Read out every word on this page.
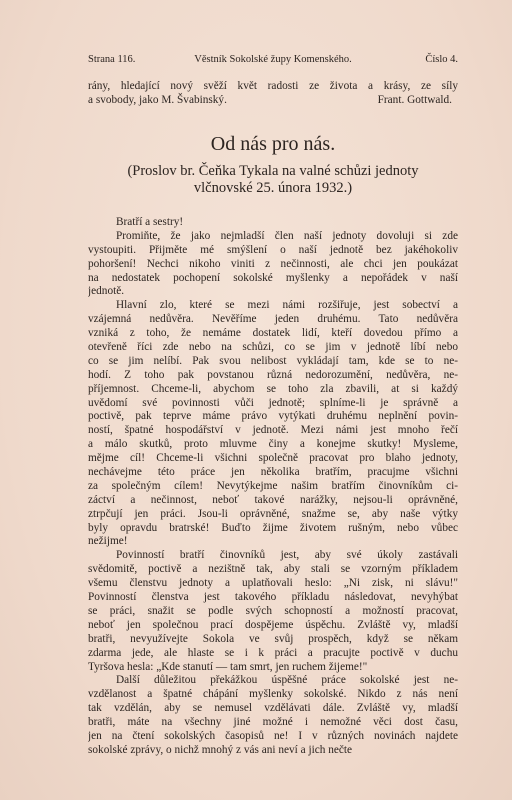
Strana 116.	Věstník Sokolské župy Komenského.	Číslo 4.
rány, hledající nový svěží květ radosti ze života a krásy, ze síly
a svobody, jako M. Švabinský.	Frant. Gottwald.
Od nás pro nás.
(Proslov br. Čeňka Tykala na valné schůzi jednoty
vlčnovské 25. února 1932.)
Bratří a sestry!
Promiňte, že jako nejmladší člen naší jednoty dovoluji si zde
vystoupiti. Přijměte mé smýšlení o naší jednotě bez jakéhokoliv
pohoršení! Nechci nikoho viniti z nečinnosti, ale chci jen poukázat
na nedostatek pochopení sokolské myšlenky a nepořádek v naší
jednotě.
Hlavní zlo, které se mezi námi rozšiřuje, jest sobectví a
vzájemná nedůvěra. Nevěříme jeden druhému. Tato nedůvěra
vzniká z toho, že nemáme dostatek lidí, kteří dovedou přímo a
otevřeně říci zde nebo na schůzi, co se jim v jednotě líbí nebo
co se jim nelíbí. Pak svou nelibost vykládají tam, kde se to ne-
hodí. Z toho pak povstanou různá nedorozumění, nedůvěra, ne-
příjemnost. Chceme-li, abychom se toho zla zbavili, at si každý
uvědomí své povinnosti vůči jednotě; splníme-li je správně a
poctivě, pak teprve máme právo vytýkati druhému neplnění povin-
ností, špatné hospodářství v jednotě. Mezi námi jest mnoho řečí
a málo skutků, proto mluvme činy a konejme skutky! Mysleme,
mějme cíl! Chceme-li všichni společně pracovat pro blaho jednoty,
nechávejme této práce jen několika bratřím, pracujme všichni
za společným cílem! Nevytýkejme našim bratřím činovníkům ci-
záctví a nečinnost, neboť takové narážky, nejsou-li oprávněné,
ztrpčují jen práci. Jsou-li oprávněné, snažme se, aby naše výtky
byly opravdu bratrské! Buďto žijme životem rušným, nebo vůbec
nežijme!
Povinností bratří činovníků jest, aby své úkoly zastávali
svědomitě, poctivě a nezištně tak, aby stali se vzorným příkladem
všemu členstvu jednoty a uplatňovali heslo: „Ni zisk, ni slávu!"
Povinností členstva jest takového příkladu následovat, nevyhýbat
se práci, snažit se podle svých schopností a možností pracovat,
neboť jen společnou prací dospějeme úspěchu. Zvláště vy, mladší
bratři, nevyužívejte Sokola ve svůj prospěch, když se někam
zdarma jede, ale hlaste se i k práci a pracujte poctivě v duchu
Tyršova hesla: „Kde stanutí — tam smrt, jen ruchem žijeme!"
Další důležitou překážkou úspěšné práce sokolské jest ne-
vzdělanost a špatné chápání myšlenky sokolské. Nikdo z nás není
tak vzdělán, aby se nemusel vzdělávati dále. Zvláště vy, mladší
bratři, máte na všechny jiné možné i nemožné věci dost času,
jen na čtení sokolských časopisů ne! I v různých novinách najdete
sokolské zprávy, o nichž mnohý z vás ani neví a jich nečte
